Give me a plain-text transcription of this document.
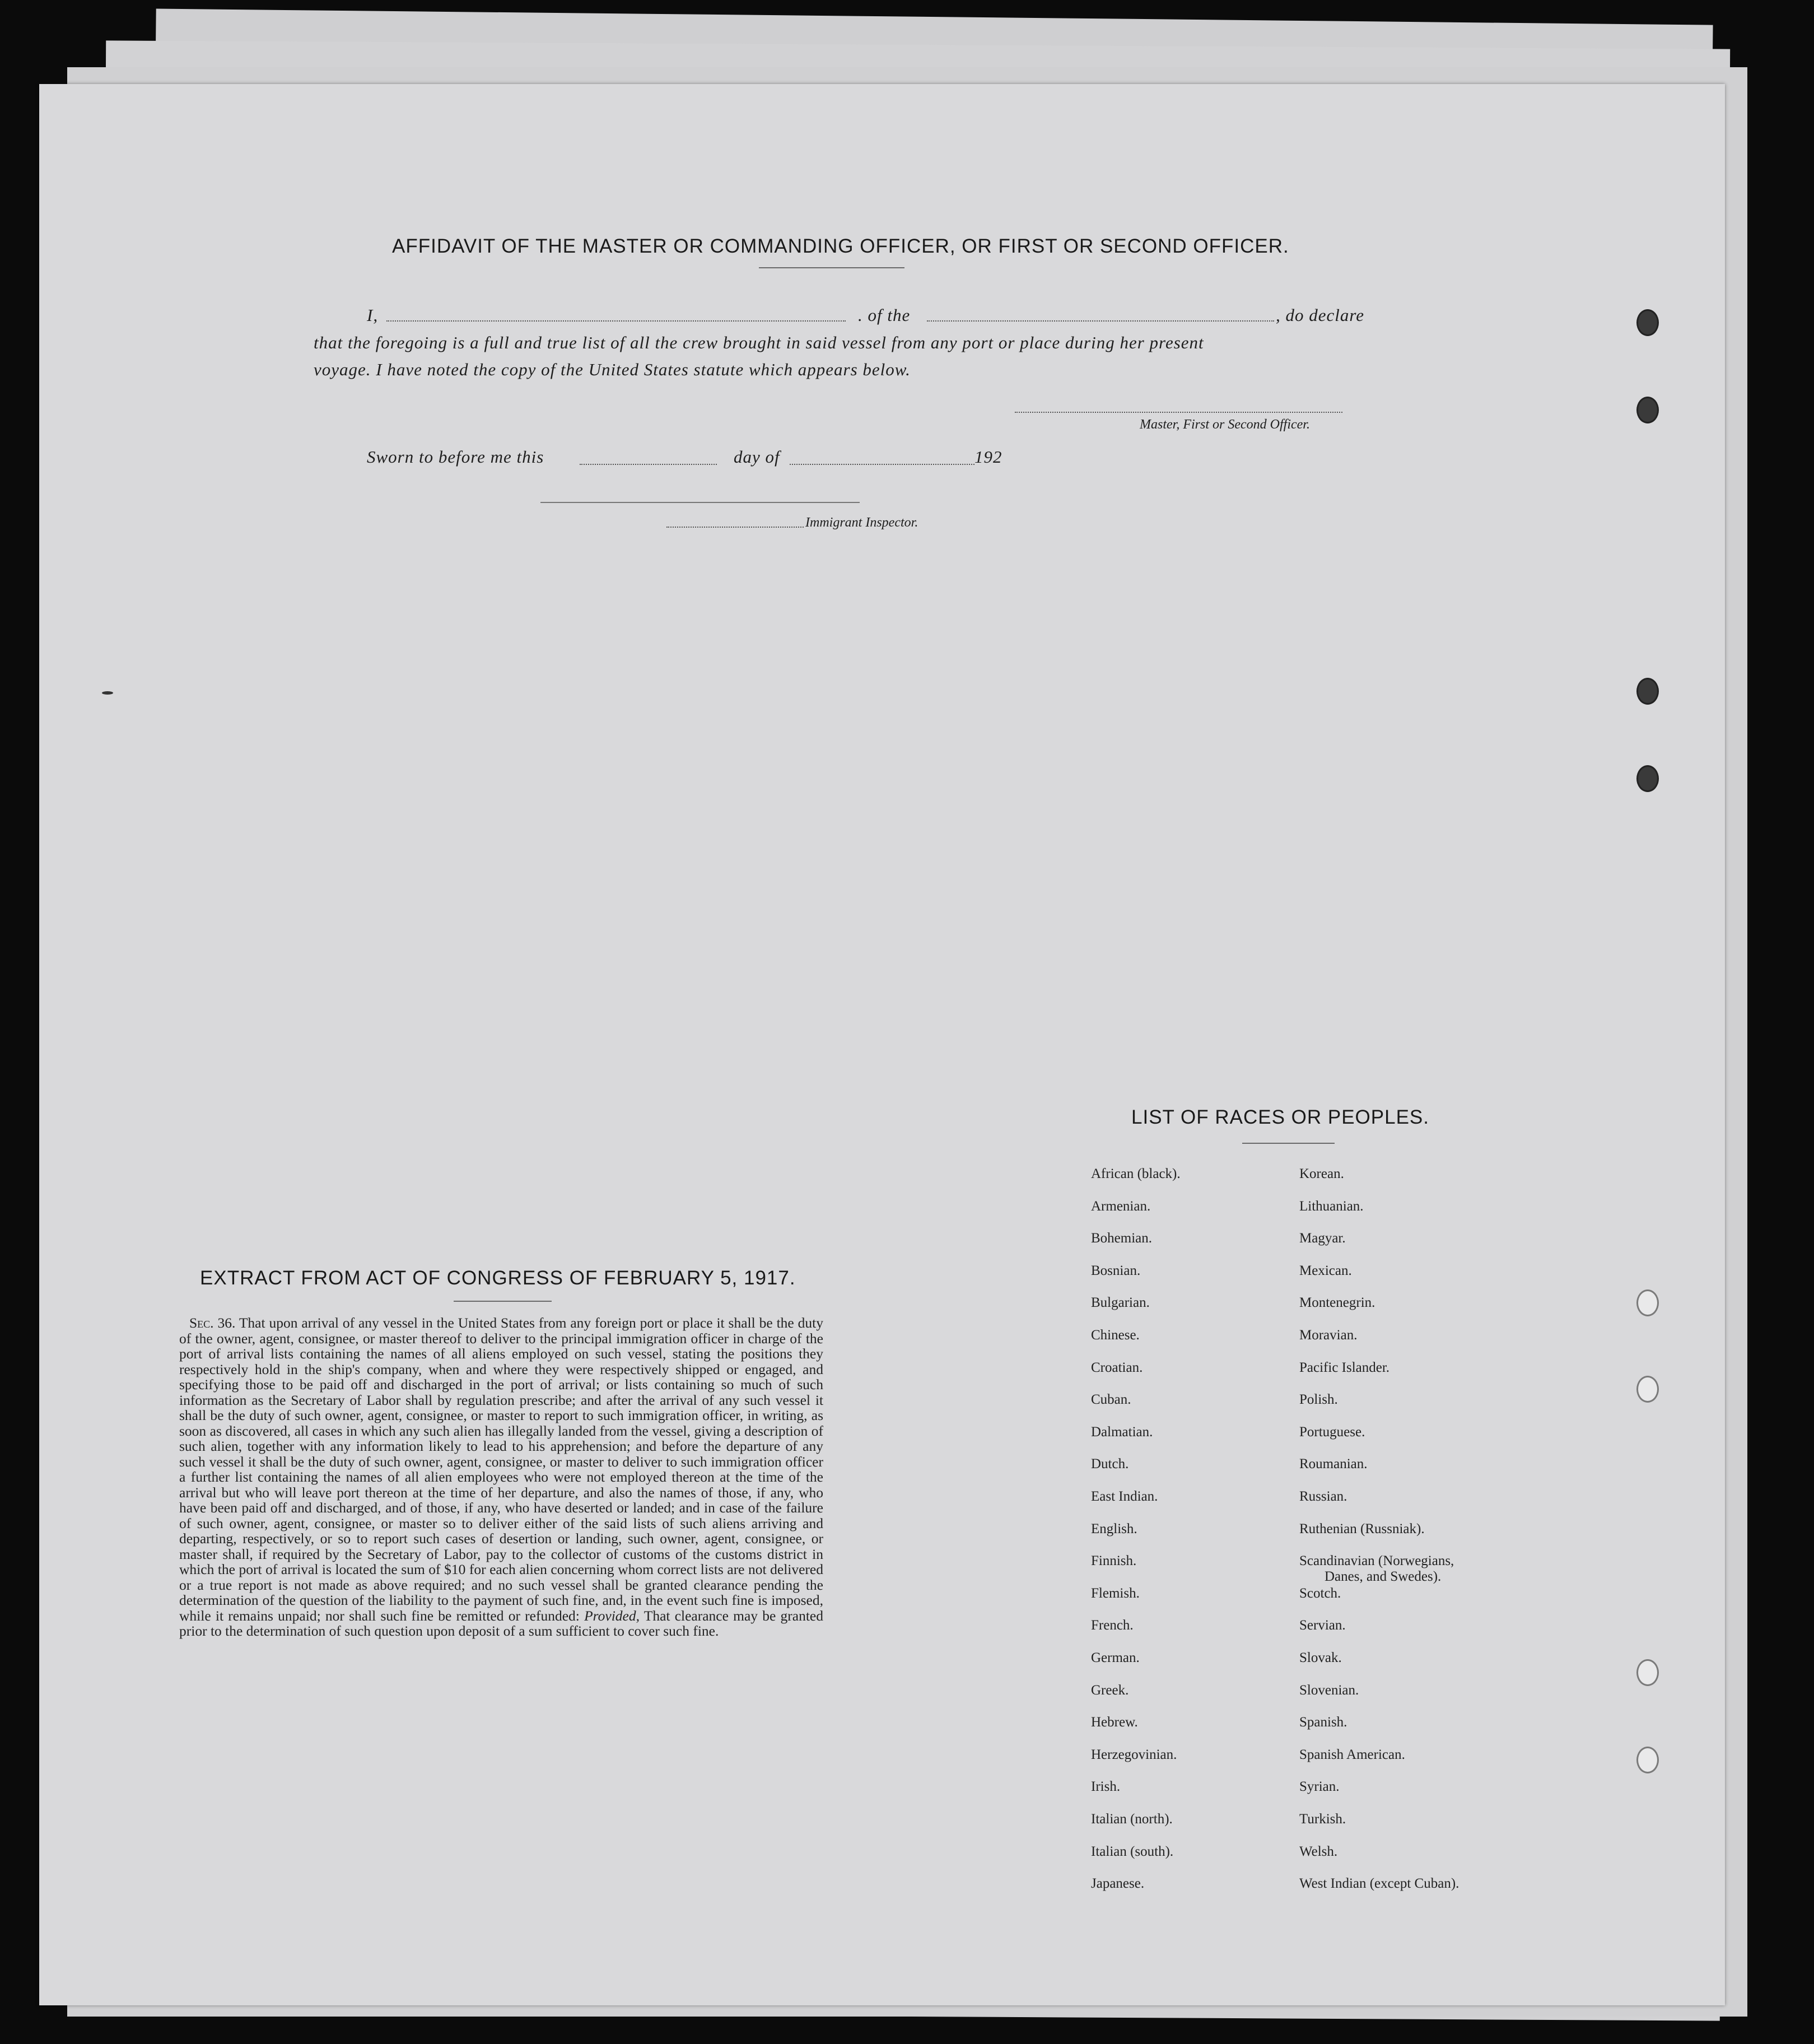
AFFIDAVIT OF THE MASTER OR COMMANDING OFFICER, OR FIRST OR SECOND OFFICER.
I,	. of the	, do declare
that the foregoing is a full and true list of all the crew brought in said vessel from any port or place during her present
voyage. I have noted the copy of the United States statute which appears below.
Master, First or Second Officer.
Sworn to before me this	day of	192
Immigrant Inspector.
EXTRACT FROM ACT OF CONGRESS OF FEBRUARY 5, 1917.
Sec. 36. That upon arrival of any vessel in the United States from any foreign port or place it shall be the duty of the owner, agent, consignee, or master thereof to deliver to the principal immigration officer in charge of the port of arrival lists containing the names of all aliens employed on such vessel, stating the positions they respectively hold in the ship's company, when and where they were respectively shipped or engaged, and specifying those to be paid off and discharged in the port of arrival; or lists containing so much of such information as the Secretary of Labor shall by regulation prescribe; and after the arrival of any such vessel it shall be the duty of such owner, agent, consignee, or master to report to such immigration officer, in writing, as soon as discovered, all cases in which any such alien has illegally landed from the vessel, giving a description of such alien, together with any information likely to lead to his apprehension; and before the departure of any such vessel it shall be the duty of such owner, agent, consignee, or master to deliver to such immigration officer a further list containing the names of all alien employees who were not employed thereon at the time of the arrival but who will leave port thereon at the time of her departure, and also the names of those, if any, who have been paid off and discharged, and of those, if any, who have deserted or landed; and in case of the failure of such owner, agent, consignee, or master so to deliver either of the said lists of such aliens arriving and departing, respectively, or so to report such cases of desertion or landing, such owner, agent, consignee, or master shall, if required by the Secretary of Labor, pay to the collector of customs of the customs district in which the port of arrival is located the sum of $10 for each alien concerning whom correct lists are not delivered or a true report is not made as above required; and no such vessel shall be granted clearance pending the determination of the question of the liability to the payment of such fine, and, in the event such fine is imposed, while it remains unpaid; nor shall such fine be remitted or refunded: Provided, That clearance may be granted prior to the determination of such question upon deposit of a sum sufficient to cover such fine.
LIST OF RACES OR PEOPLES.
African (black).
Armenian.
Bohemian.
Bosnian.
Bulgarian.
Chinese.
Croatian.
Cuban.
Dalmatian.
Dutch.
East Indian.
English.
Finnish.
Flemish.
French.
German.
Greek.
Hebrew.
Herzegovinian.
Irish.
Italian (north).
Italian (south).
Japanese.
Korean.
Lithuanian.
Magyar.
Mexican.
Montenegrin.
Moravian.
Pacific Islander.
Polish.
Portuguese.
Roumanian.
Russian.
Ruthenian (Russniak).
Scandinavian (Norwegians,
Danes, and Swedes).
Scotch.
Servian.
Slovak.
Slovenian.
Spanish.
Spanish American.
Syrian.
Turkish.
Welsh.
West Indian (except Cuban).
